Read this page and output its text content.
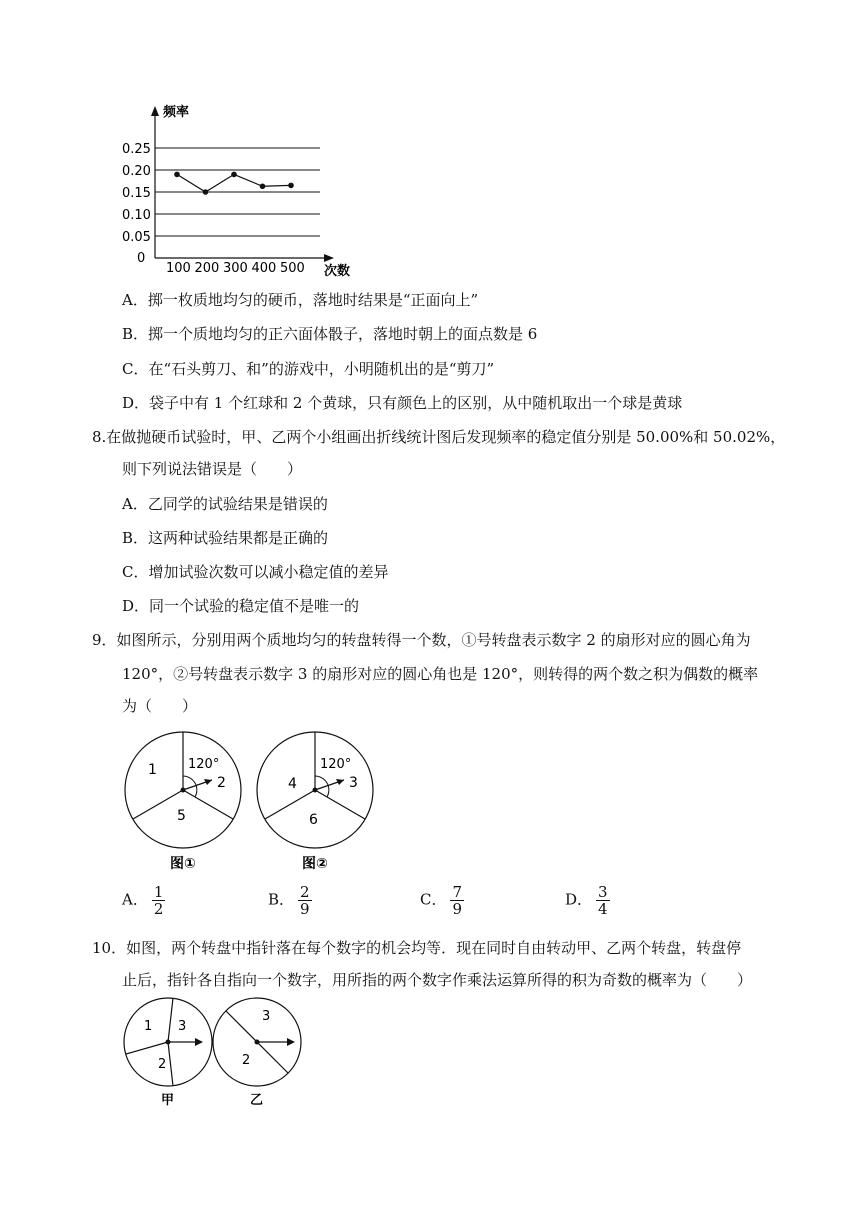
0.25
0.20
0.15
0.10
0.05
0
频率
次数
100 200 300 400 500
A．掷一枚质地均匀的硬币，落地时结果是“正面向上”
B．掷一个质地均匀的正六面体骰子，落地时朝上的面点数是 6
C．在“石头剪刀、和”的游戏中，小明随机出的是“剪刀”
D．袋子中有 1 个红球和 2 个黄球，只有颜色上的区别，从中随机取出一个球是黄球
8.在做抛硬币试验时，甲、乙两个小组画出折线统计图后发现频率的稳定值分别是 50.00%和 50.02%，
则下列说法错误是（　　）
A．乙同学的试验结果是错误的
B．这两种试验结果都是正确的
C．增加试验次数可以减小稳定值的差异
D．同一个试验的稳定值不是唯一的
9．如图所示，分别用两个质地均匀的转盘转得一个数，①号转盘表示数字 2 的扇形对应的圆心角为
120°，②号转盘表示数字 3 的扇形对应的圆心角也是 120°，则转得的两个数之积为偶数的概率
为（　　）
1 120°
2
5
图①
4
120°
3
6
图②
A． $\frac{1}{2}$	B． $\frac{2}{9}$	C． $\frac{7}{9}$	D． $\frac{3}{4}$
10．如图，两个转盘中指针落在每个数字的机会均等．现在同时自由转动甲、乙两个转盘，转盘停
止后，指针各自指向一个数字，用所指的两个数字作乘法运算所得的积为奇数的概率为（　　）
1 3
2
甲
3
2
乙
